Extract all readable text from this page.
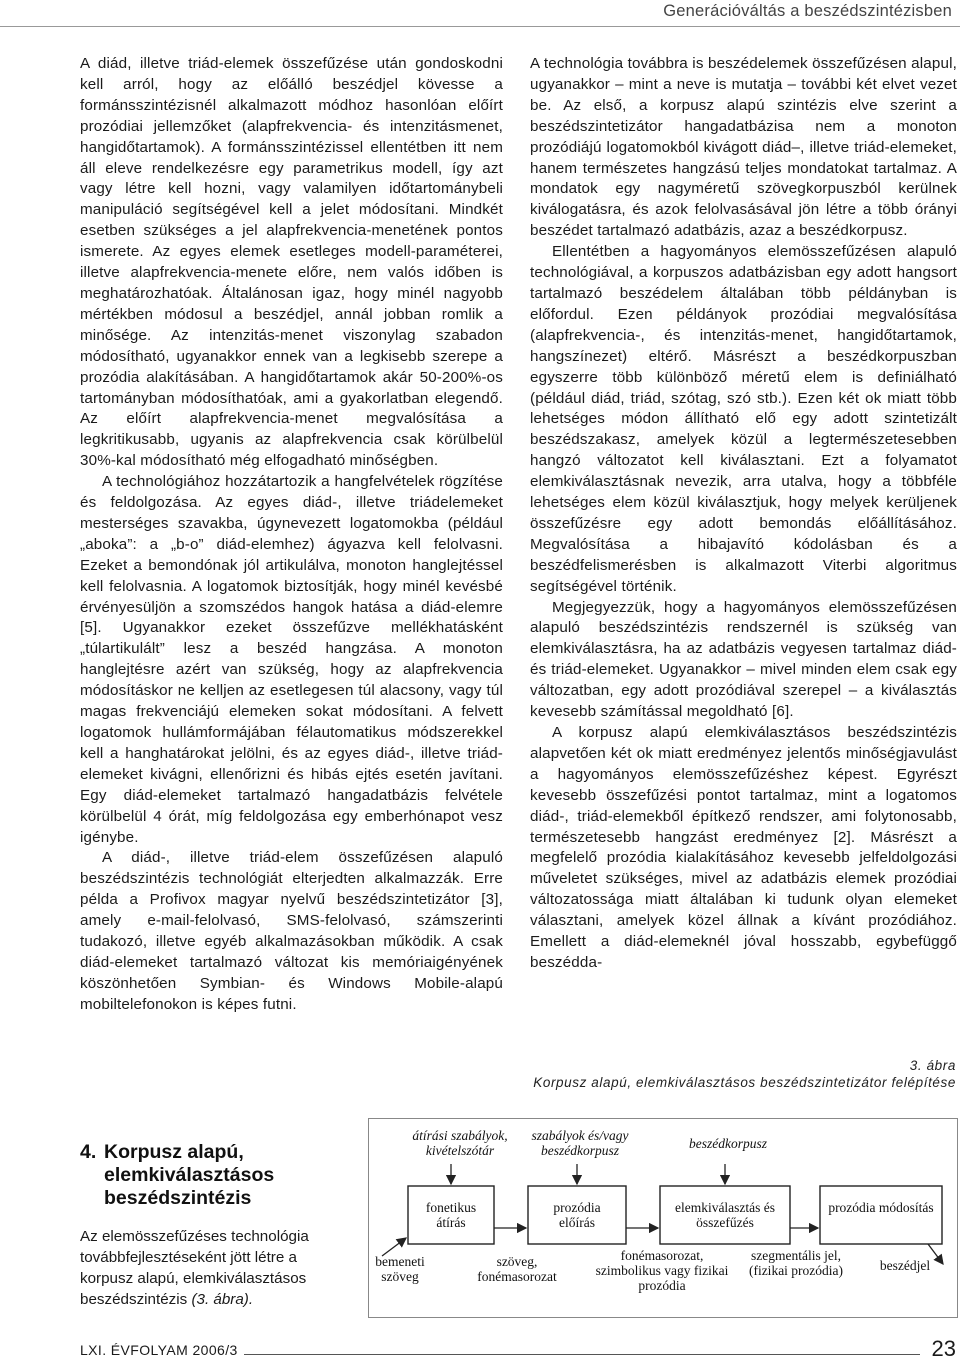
Generációváltás a beszédszintézisben

A diád, illetve triád-elemek összefűzése után gondoskodni kell arról, hogy az előálló beszédjel kövesse a formánsszintézisnél alkalmazott módhoz hasonlóan előírt prozódiai jellemzőket (alapfrekvencia- és intenzitásmenet, hangidőtartamok). A formánsszintézissel ellentétben itt nem áll eleve rendelkezésre egy parametrikus modell, így azt vagy létre kell hozni, vagy valamilyen időtartománybeli manipuláció segítségével kell a jelet módosítani. Mindkét esetben szükséges a jel alapfrekvencia-menetének pontos ismerete. Az egyes elemek esetleges modell-paraméterei, illetve alapfrekvencia-menete előre, nem valós időben is meghatározhatóak. Általánosan igaz, hogy minél nagyobb mértékben módosul a beszédjel, annál jobban romlik a minősége. Az intenzitás-menet viszonylag szabadon módosítható, ugyanakkor ennek van a legkisebb szerepe a prozódia alakításában. A hangidőtartamok akár 50-200%-os tartományban módosíthatóak, ami a gyakorlatban elegendő. Az előírt alapfrekvencia-menet megvalósítása a legkritikusabb, ugyanis az alapfrekvencia csak körülbelül 30%-kal módosítható még elfogadható minőségben.

A technológiához hozzátartozik a hangfelvételek rögzítése és feldolgozása. Az egyes diád-, illetve triádelemeket mesterséges szavakba, úgynevezett logatomokba (például „aboka”: a „b-o” diád-elemhez) ágyazva kell felolvasni. Ezeket a bemondónak jól artikulálva, monoton hanglejtéssel kell felolvasnia. A logatomok biztosítják, hogy minél kevésbé érvényesüljön a szomszédos hangok hatása a diád-elemre [5]. Ugyanakkor ezeket összefűzve mellékhatásként „túlartikulált” lesz a beszéd hangzása. A monoton hanglejtésre azért van szükség, hogy az alapfrekvencia módosításkor ne kelljen az esetlegesen túl alacsony, vagy túl magas frekvenciájú elemeken sokat módosítani. A felvett logatomok hullámformájában félautomatikus módszerekkel kell a hanghatárokat jelölni, és az egyes diád-, illetve triád-elemeket kivágni, ellenőrizni és hibás ejtés esetén javítani. Egy diád-elemeket tartalmazó hangadatbázis felvétele körülbelül 4 órát, míg feldolgozása egy emberhónapot vesz igénybe.

A diád-, illetve triád-elem összefűzésen alapuló beszédszintézis technológiát elterjedten alkalmazzák. Erre példa a Profivox magyar nyelvű beszédszintetizátor [3], amely e-mail-felolvasó, SMS-felolvasó, számszerinti tudakozó, illetve egyéb alkalmazásokban működik. A csak diád-elemeket tartalmazó változat kis memóriaigényének köszönhetően Symbian- és Windows Mobile-alapú mobiltelefonokon is képes futni.

A technológia továbbra is beszédelemek összefűzésen alapul, ugyanakkor – mint a neve is mutatja – további két elvet vezet be. Az első, a korpusz alapú szintézis elve szerint a beszédszintetizátor hangadatbázisa nem a monoton prozódiájú logatomokból kivágott diád–, illetve triád-elemeket, hanem természetes hangzású teljes mondatokat tartalmaz. A mondatok egy nagyméretű szövegkorpuszból kerülnek kiválogatásra, és azok felolvasásával jön létre a több órányi beszédet tartalmazó adatbázis, azaz a beszédkorpusz.

Ellentétben a hagyományos elemösszefűzésen alapuló technológiával, a korpuszos adatbázisban egy adott hangsort tartalmazó beszédelem általában több példányban is előfordul. Ezen példányok prozódiai megvalósítása (alapfrekvencia-, és intenzitás-menet, hangidőtartamok, hangszínezet) eltérő. Másrészt a beszédkorpuszban egyszerre több különböző méretű elem is definiálható (például diád, triád, szótag, szó stb.). Ezen két ok miatt több lehetséges módon állítható elő egy adott szintetizált beszédszakasz, amelyek közül a legtermészetesebben hangzó változatot kell kiválasztani. Ezt a folyamatot elemkiválasztásnak nevezik, arra utalva, hogy a többféle lehetséges elem közül kiválasztjuk, hogy melyek kerüljenek összefűzésre egy adott bemondás előállításához. Megvalósítása a hibajavító kódolásban és a beszédfelismerésben is alkalmazott Viterbi algoritmus segítségével történik.

Megjegyezzük, hogy a hagyományos elemösszefűzésen alapuló beszédszintézis rendszernél is szükség van elemkiválasztásra, ha az adatbázis vegyesen tartalmaz diád- és triád-elemeket. Ugyanakkor – mivel minden elem csak egy változatban, egy adott prozódiával szerepel – a kiválasztás kevesebb számítással megoldható [6].

A korpusz alapú elemkiválasztásos beszédszintézis alapvetően két ok miatt eredményez jelentős minőségjavulást a hagyományos elemösszefűzéshez képest. Egyrészt kevesebb összefűzési pontot tartalmaz, mint a logatomos diád-, triád-elemekből építkező rendszer, ami folytonosabb, természetesebb hangzást eredményez [2]. Másrészt a megfelelő prozódia kialakításához kevesebb jelfeldolgozási műveletet szükséges, mivel az adatbázis elemek prozódiai változatossága miatt általában ki tudunk olyan elemeket választani, amelyek közel állnak a kívánt prozódiához. Emellett a diád-elemeknél jóval hosszabb, egybefüggő beszédda-

3. ábra
Korpusz alapú, elemkiválasztásos beszédszintetizátor felépítése
4. Korpusz alapú,
elemkiválasztásos
beszédszintézis
Az elemösszefűzéses technológia továbbfejlesztéseként jött létre a korpusz alapú, elemkiválasztásos beszédszintézis (3. ábra).
átírási szabályok, kivételszótár
szabályok és/vagy beszédkorpusz	beszédkorpusz
fonetikus átírás
prozódia előírás
elemkiválasztás és összefűzés
prozódia módosítás
bemeneti szöveg
szöveg, fonémasorozat
fonémasorozat, szimbolikus vagy fizikai prozódia
szegmentális jel, (fizikai prozódia)	beszédjel
LXI. ÉVFOLYAM 2006/3	23
